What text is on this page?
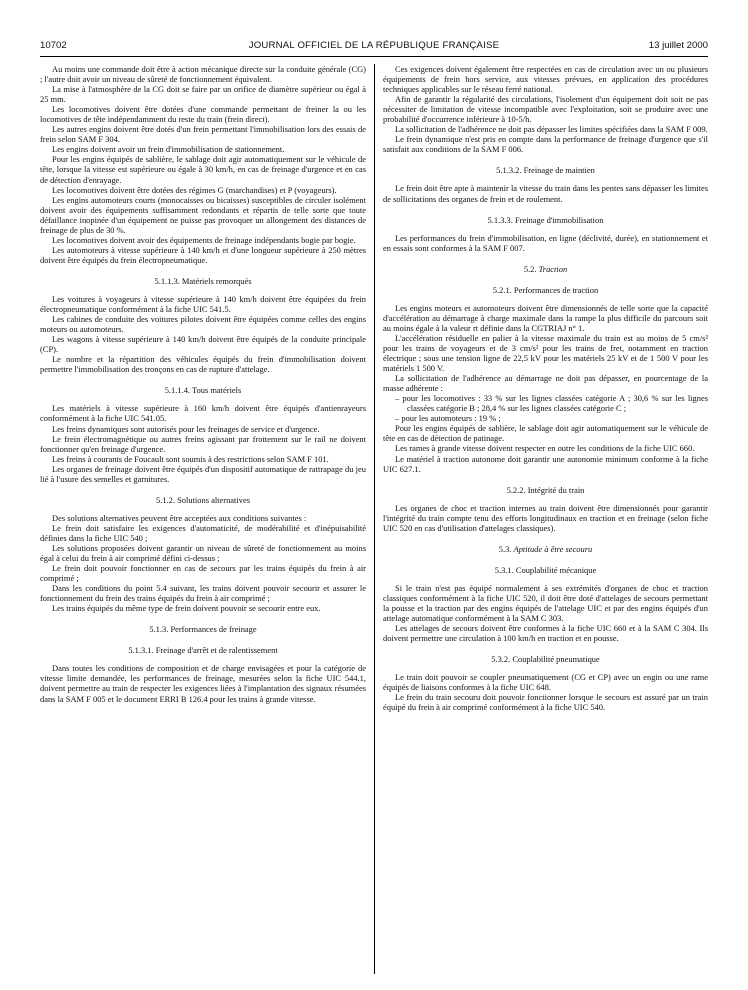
10702	JOURNAL OFFICIEL DE LA RÉPUBLIQUE FRANÇAISE	13 juillet 2000

Au moins une commande doit être à action mécanique directe sur la conduite générale (CG) ; l'autre doit avoir un niveau de sûreté de fonctionnement équivalent.

La mise à l'atmosphère de la CG doit se faire par un orifice de diamètre supérieur ou égal à 25 mm.

Les locomotives doivent être dotées d'une commande permettant de freiner la ou les locomotives de tête indépendamment du reste du train (frein direct).

Les autres engins doivent être dotés d'un frein permettant l'immobilisation lors des essais de frein selon SAM F 304.

Les engins doivent avoir un frein d'immobilisation de stationnement.

Pour les engins équipés de sablière, le sablage doit agir automatiquement sur le véhicule de tête, lorsque la vitesse est supérieure ou égale à 30 km/h, en cas de freinage d'urgence et en cas de détection d'enrayage.

Les locomotives doivent être dotées des régimes G (marchandises) et P (voyageurs).

Les engins automoteurs courts (monocaisses ou bicaisses) susceptibles de circuler isolément doivent avoir des équipements suffisamment redondants et répartis de telle sorte que toute défaillance inopinée d'un équipement ne puisse pas provoquer un allongement des distances de freinage de plus de 30 %.

Les locomotives doivent avoir des équipements de freinage indépendants bogie par bogie.

Les automoteurs à vitesse supérieure à 140 km/h et d'une longueur supérieure à 250 mètres doivent être équipés du frein électropneumatique.

5.1.1.3. Matériels remorqués

Les voitures à voyageurs à vitesse supérieure à 140 km/h doivent être équipées du frein électropneumatique conformément à la fiche UIC 541.5.

Les cabines de conduite des voitures pilotes doivent être équipées comme celles des engins moteurs ou automoteurs.

Les wagons à vitesse supérieure à 140 km/h doivent être équipés de la conduite principale (CP).

Le nombre et la répartition des véhicules équipés du frein d'immobilisation doivent permettre l'immobilisation des tronçons en cas de rupture d'attelage.

5.1.1.4. Tous matériels

Les matériels à vitesse supérieure à 160 km/h doivent être équipés d'antienrayeurs conformément à la fiche UIC 541.05.

Les freins dynamiques sont autorisés pour les freinages de service et d'urgence.

Le frein électromagnétique ou autres freins agissant par frottement sur le rail ne doivent fonctionner qu'en freinage d'urgence.

Les freins à courants de Foucault sont soumis à des restrictions selon SAM F 101.

Les organes de freinage doivent être équipés d'un dispositif automatique de rattrapage du jeu lié à l'usure des semelles et garnitures.

5.1.2. Solutions alternatives

Des solutions alternatives peuvent être acceptées aux conditions suivantes :

Le frein doit satisfaire les exigences d'automaticité, de modérabilité et d'inépuisabilité définies dans la fiche UIC 540 ;

Les solutions proposées doivent garantir un niveau de sûreté de fonctionnement au moins égal à celui du frein à air comprimé défini ci-dessus ;

Le frein doit pouvoir fonctionner en cas de secours par les trains équipés du frein à air comprimé ;

Dans les conditions du point 5.4 suivant, les trains doivent pouvoir secourir et assurer le fonctionnement du frein des trains équipés du frein à air comprimé ;

Les trains équipés du même type de frein doivent pouvoir se secourir entre eux.

5.1.3. Performances de freinage
5.1.3.1. Freinage d'arrêt et de ralentissement

Dans toutes les conditions de composition et de charge envisagées et pour la catégorie de vitesse limite demandée, les performances de freinage, mesurées selon la fiche UIC 544.1, doivent permettre au train de respecter les exigences liées à l'implantation des signaux résumées dans la SAM F 005 et le document ERRI B 126.4 pour les trains à grande vitesse.

Ces exigences doivent également être respectées en cas de circulation avec un ou plusieurs équipements de frein hors service, aux vitesses prévues, en application des procédures techniques applicables sur le réseau ferré national.

Afin de garantir la régularité des circulations, l'isolement d'un équipement doit soit ne pas nécessiter de limitation de vitesse incompatible avec l'exploitation, soit se produire avec une probabilité d'occurrence inférieure à 10-5/h.

La sollicitation de l'adhérence ne doit pas dépasser les limites spécifiées dans la SAM F 009.

Le frein dynamique n'est pris en compte dans la performance de freinage d'urgence que s'il satisfait aux conditions de la SAM F 006.

5.1.3.2. Freinage de maintien

Le frein doit être apte à maintenir la vitesse du train dans les pentes sans dépasser les limites de sollicitations des organes de frein et de roulement.

5.1.3.3. Freinage d'immobilisation

Les performances du frein d'immobilisation, en ligne (déclivité, durée), en stationnement et en essais sont conformes à la SAM F 007.

5.2. Traction
5.2.1. Performances de traction

Les engins moteurs et automoteurs doivent être dimensionnés de telle sorte que la capacité d'accélération au démarrage à charge maximale dans la rampe la plus difficile du parcours soit au moins égale à la valeur rt définie dans la CGTRIAJ n° 1.

L'accélération résiduelle en palier à la vitesse maximale du train est au moins de 5 cm/s² pour les trains de voyageurs et de 3 cm/s² pour les trains de fret, notamment en traction électrique ; sous une tension ligne de 22,5 kV pour les matériels 25 kV et de 1 500 V pour les matériels 1 500 V.

La sollicitation de l'adhérence au démarrage ne doit pas dépasser, en pourcentage de la masse adhérente :

– pour les locomotives : 33 % sur les lignes classées catégorie A ; 30,6 % sur les lignes classées catégorie B ; 28,4 % sur les lignes classées catégorie C ;

– pour les automoteurs : 19 % ;

Pour les engins équipés de sablière, le sablage doit agir automatiquement sur le véhicule de tête en cas de détection de patinage.

Les rames à grande vitesse doivent respecter en outre les conditions de la fiche UIC 660.

Le matériel à traction autonome doit garantir une autonomie minimum conforme à la fiche UIC 627.1.

5.2.2. Intégrité du train

Les organes de choc et traction internes au train doivent être dimensionnés pour garantir l'intégrité du train compte tenu des efforts longitudinaux en traction et en freinage (selon fiche UIC 520 en cas d'utilisation d'attelages classiques).

5.3. Aptitude à être secouru
5.3.1. Couplabilité mécanique

Si le train n'est pas équipé normalement à ses extrémités d'organes de choc et traction classiques conformément à la fiche UIC 520, il doit être doté d'attelages de secours permettant la pousse et la traction par des engins équipés de l'attelage UIC et par des engins équipés d'un attelage automatique conformément à la SAM C 303.

Les attelages de secours doivent être conformes à la fiche UIC 660 et à la SAM C 304. Ils doivent permettre une circulation à 100 km/h en traction et en pousse.

5.3.2. Couplabilité pneumatique

Le train doit pouvoir se coupler pneumatiquement (CG et CP) avec un engin ou une rame équipés de liaisons conformes à la fiche UIC 648.

Le frein du train secouru doit pouvoir fonctionner lorsque le secours est assuré par un train équipé du frein à air comprimé conformément à la fiche UIC 540.
